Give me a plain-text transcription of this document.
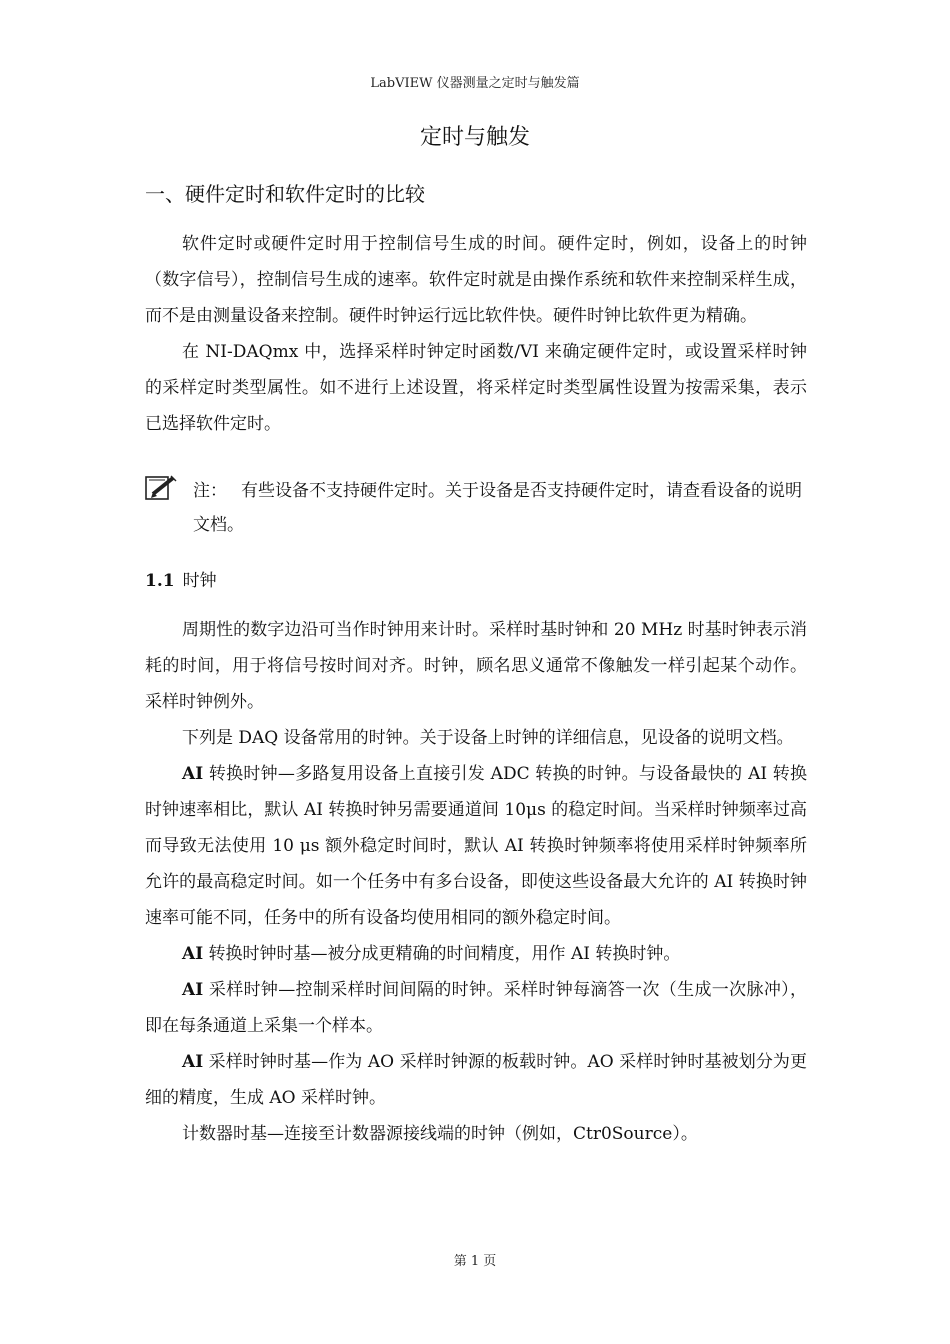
LabVIEW 仪器测量之定时与触发篇
定时与触发
一、硬件定时和软件定时的比较

软件定时或硬件定时用于控制信号生成的时间。硬件定时，例如，设备上的时钟（数字信号），控制信号生成的速率。软件定时就是由操作系统和软件来控制采样生成，而不是由测量设备来控制。硬件时钟运行远比软件快。硬件时钟比软件更为精确。

在 NI-DAQmx 中，选择采样时钟定时函数/VI 来确定硬件定时，或设置采样时钟的采样定时类型属性。如不进行上述设置，将采样定时类型属性设置为按需采集，表示已选择软件定时。

注： 有些设备不支持硬件定时。关于设备是否支持硬件定时，请查看设备的说明文档。
1.1 时钟

周期性的数字边沿可当作时钟用来计时。采样时基时钟和 20 MHz 时基时钟表示消耗的时间，用于将信号按时间对齐。时钟，顾名思义通常不像触发一样引起某个动作。采样时钟例外。

下列是 DAQ 设备常用的时钟。关于设备上时钟的详细信息，见设备的说明文档。

AI 转换时钟—多路复用设备上直接引发 ADC 转换的时钟。与设备最快的 AI 转换时钟速率相比，默认 AI 转换时钟另需要通道间 10μs 的稳定时间。当采样时钟频率过高而导致无法使用 10 μs 额外稳定时间时，默认 AI 转换时钟频率将使用采样时钟频率所允许的最高稳定时间。如一个任务中有多台设备，即使这些设备最大允许的 AI 转换时钟速率可能不同，任务中的所有设备均使用相同的额外稳定时间。

AI 转换时钟时基—被分成更精确的时间精度，用作 AI 转换时钟。

AI 采样时钟—控制采样时间间隔的时钟。采样时钟每滴答一次（生成一次脉冲），即在每条通道上采集一个样本。

AI 采样时钟时基—作为 AO 采样时钟源的板载时钟。AO 采样时钟时基被划分为更细的精度，生成 AO 采样时钟。

计数器时基—连接至计数器源接线端的时钟（例如，Ctr0Source）。

第 1 页
